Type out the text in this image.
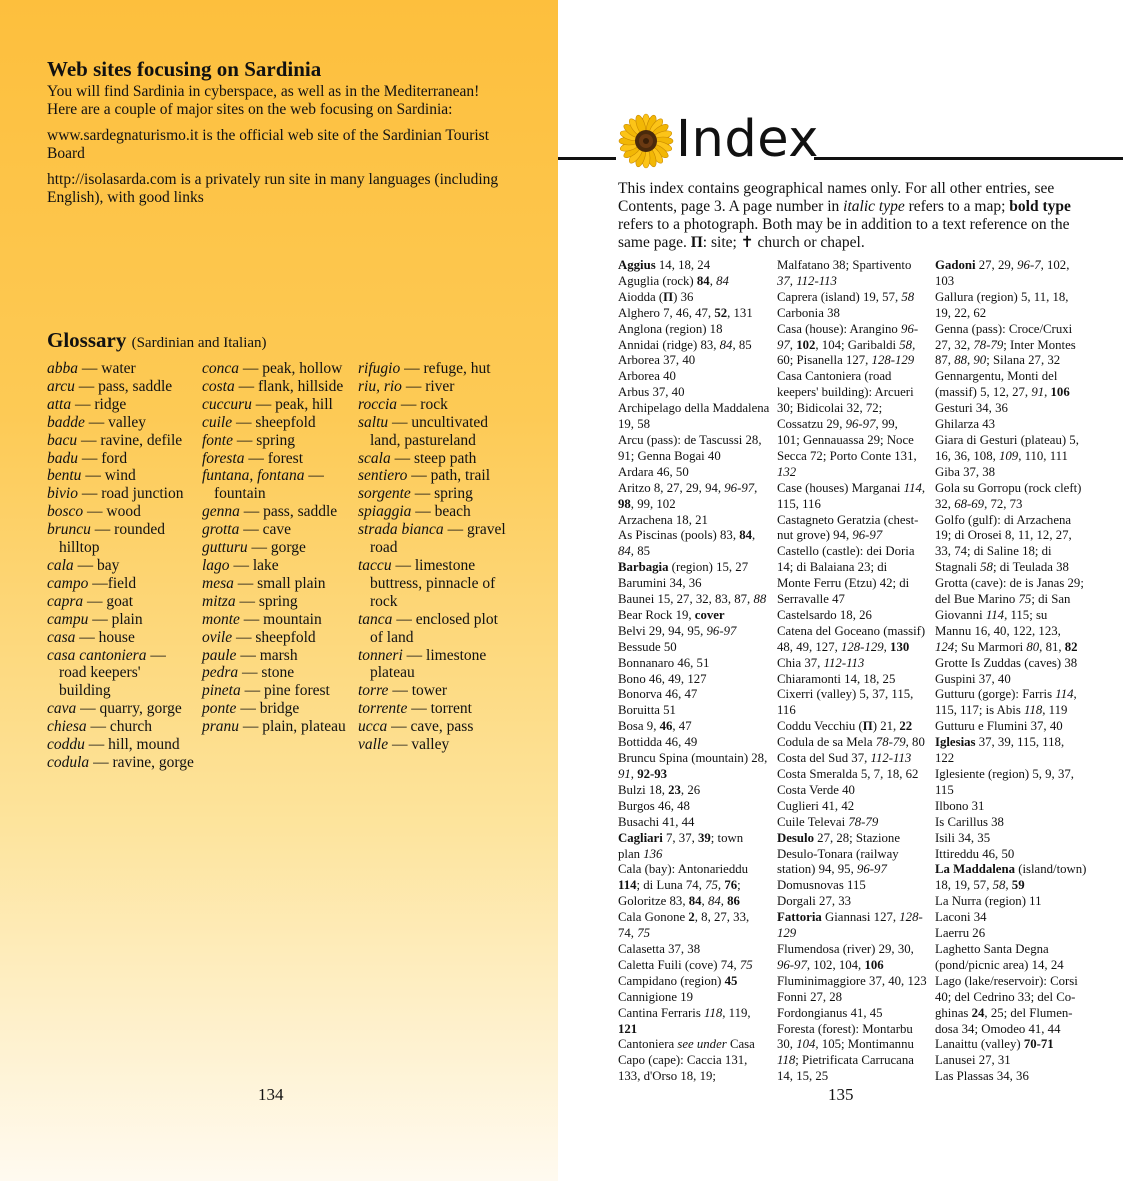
Web sites focusing on Sardinia

You will find Sardinia in cyberspace, as well as in the Mediterranean! Here are a couple of major sites on the web focusing on Sardinia:

www.sardegnaturismo.it is the official web site of the Sardinian Tourist Board

http://isolasarda.com is a privately run site in many languages (including English), with good links

Glossary (Sardinian and Italian)
abba — water
arcu — pass, saddle
atta — ridge
badde — valley
bacu — ravine, defile
badu — ford
bentu — wind
bivio — road junction
bosco — wood
bruncu — rounded hilltop
cala — bay
campo —field
capra — goat
campu — plain
casa — house
casa cantoniera — road keepers' building
cava — quarry, gorge
chiesa — church
coddu — hill, mound
codula — ravine, gorge
conca — peak, hollow
costa — flank, hillside
cuccuru — peak, hill
cuile — sheepfold
fonte — spring
foresta — forest
funtana, fontana — fountain
genna — pass, saddle
grotta — cave
gutturu — gorge
lago — lake
mesa — small plain
mitza — spring
monte — mountain
ovile — sheepfold
paule — marsh
pedra — stone
pineta — pine forest
ponte — bridge
pranu — plain, plateau
rifugio — refuge, hut
riu, rio — river
roccia — rock
saltu — uncultivated land, pastureland
scala — steep path
sentiero — path, trail
sorgente — spring
spiaggia — beach
strada bianca — gravel road
taccu — limestone buttress, pinnacle of rock
tanca — enclosed plot of land
tonneri — limestone plateau
torre — tower
torrente — torrent
ucca — cave, pass
valle — valley
134
Index

This index contains geographical names only. For all other entries, see Contents, page 3. A page number in italic type refers to a map; bold type refers to a photograph. Both may be in addition to a text reference on the same page. Π: site; ✝ church or chapel.

Aggius 14, 18, 24
Aguglia (rock) 84, 84
Aiodda (Π) 36
Alghero 7, 46, 47, 52, 131
Anglona (region) 18
Annidai (ridge) 83, 84, 85
Arborea 37, 40
Arborea 40
Arbus 37, 40
Archipelago della Maddalena
19, 58
Arcu (pass): de Tascussi 28,
91; Genna Bogai 40
Ardara 46, 50
Aritzo 8, 27, 29, 94, 96-97,
98, 99, 102
Arzachena 18, 21
As Piscinas (pools) 83, 84,
84, 85
Barbagia (region) 15, 27
Barumini 34, 36
Baunei 15, 27, 32, 83, 87, 88
Bear Rock 19, cover
Belvi 29, 94, 95, 96-97
Bessude 50
Bonnanaro 46, 51
Bono 46, 49, 127
Bonorva 46, 47
Boruitta 51
Bosa 9, 46, 47
Bottidda 46, 49
Bruncu Spina (mountain) 28,
91, 92-93
Bulzi 18, 23, 26
Burgos 46, 48
Busachi 41, 44
Cagliari 7, 37, 39; town
plan 136
Cala (bay): Antonarieddu
114; di Luna 74, 75, 76;
Goloritze 83, 84, 84, 86
Cala Gonone 2, 8, 27, 33,
74, 75
Calasetta 37, 38
Caletta Fuili (cove) 74, 75
Campidano (region) 45
Cannigione 19
Cantina Ferraris 118, 119,
121
Cantoniera see under Casa
Capo (cape): Caccia 131,
133, d'Orso 18, 19;
Malfatano 38; Spartivento
37, 112-113
Caprera (island) 19, 57, 58
Carbonia 38
Casa (house): Arangino 96-
97, 102, 104; Garibaldi 58,
60; Pisanella 127, 128-129
Casa Cantoniera (road
keepers' building): Arcueri
30; Bidicolai 32, 72;
Cossatzu 29, 96-97, 99,
101; Gennauassa 29; Noce
Secca 72; Porto Conte 131,
132
Case (houses) Marganai 114,
115, 116
Castagneto Geratzia (chest-
nut grove) 94, 96-97
Castello (castle): dei Doria
14; di Balaiana 23; di
Monte Ferru (Etzu) 42; di
Serravalle 47
Castelsardo 18, 26
Catena del Goceano (massif)
48, 49, 127, 128-129, 130
Chia 37, 112-113
Chiaramonti 14, 18, 25
Cixerri (valley) 5, 37, 115,
116
Coddu Vecchiu (Π) 21, 22
Codula de sa Mela 78-79, 80
Costa del Sud 37, 112-113
Costa Smeralda 5, 7, 18, 62
Costa Verde 40
Cuglieri 41, 42
Cuile Televai 78-79
Desulo 27, 28; Stazione
Desulo-Tonara (railway
station) 94, 95, 96-97
Domusnovas 115
Dorgali 27, 33
Fattoria Giannasi 127, 128-
129
Flumendosa (river) 29, 30,
96-97, 102, 104, 106
Fluminimaggiore 37, 40, 123
Fonni 27, 28
Fordongianus 41, 45
Foresta (forest): Montarbu
30, 104, 105; Montimannu
118; Pietrificata Carrucana
14, 15, 25
Gadoni 27, 29, 96-7, 102,
103
Gallura (region) 5, 11, 18,
19, 22, 62
Genna (pass): Croce/Cruxi
27, 32, 78-79; Inter Montes
87, 88, 90; Silana 27, 32
Gennargentu, Monti del
(massif) 5, 12, 27, 91, 106
Gesturi 34, 36
Ghilarza 43
Giara di Gesturi (plateau) 5,
16, 36, 108, 109, 110, 111
Giba 37, 38
Gola su Gorropu (rock cleft)
32, 68-69, 72, 73
Golfo (gulf): di Arzachena
19; di Orosei 8, 11, 12, 27,
33, 74; di Saline 18; di
Stagnali 58; di Teulada 38
Grotta (cave): de is Janas 29;
del Bue Marino 75; di San
Giovanni 114, 115; su
Mannu 16, 40, 122, 123,
124; Su Marmori 80, 81, 82
Grotte Is Zuddas (caves) 38
Guspini 37, 40
Gutturu (gorge): Farris 114,
115, 117; is Abis 118, 119
Gutturu e Flumini 37, 40
Iglesias 37, 39, 115, 118,
122
Iglesiente (region) 5, 9, 37,
115
Ilbono 31
Is Carillus 38
Isili 34, 35
Ittireddu 46, 50
La Maddalena (island/town)
18, 19, 57, 58, 59
La Nurra (region) 11
Laconi 34
Laerru 26
Laghetto Santa Degna
(pond/picnic area) 14, 24
Lago (lake/reservoir): Corsi
40; del Cedrino 33; del Co-
ghinas 24, 25; del Flumen-
dosa 34; Omodeo 41, 44
Lanaittu (valley) 70-71
Lanusei 27, 31
Las Plassas 34, 36
135
